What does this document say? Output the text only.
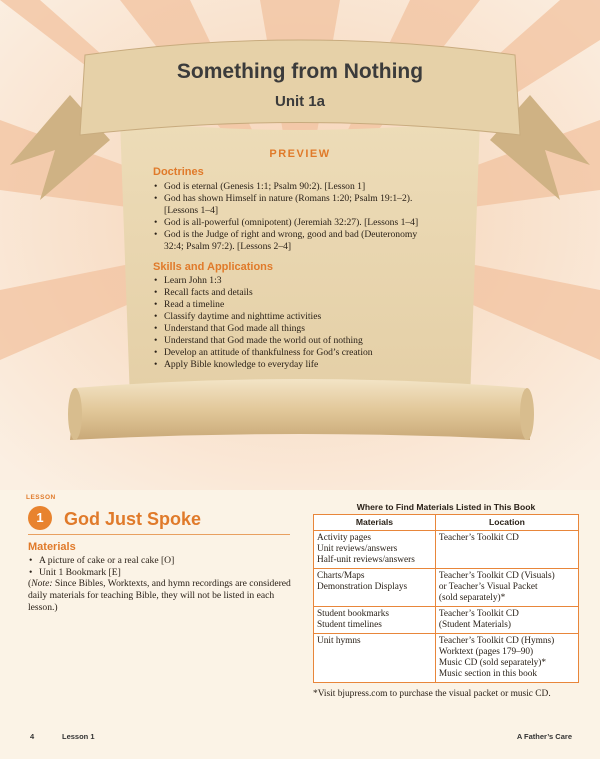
Something from Nothing
Unit 1a
PREVIEW
Doctrines
• God is eternal (Genesis 1:1; Psalm 90:2). [Lesson 1]
• God has shown Himself in nature (Romans 1:20; Psalm 19:1–2).
[Lessons 1–4]
• God is all-powerful (omnipotent) (Jeremiah 32:27). [Lessons 1–4]
• God is the Judge of right and wrong, good and bad (Deuteronomy
32:4; Psalm 97:2). [Lessons 2–4]
Skills and Applications
• Learn John 1:3
• Recall facts and details
• Read a timeline
• Classify daytime and nighttime activities
• Understand that God made all things
• Understand that God made the world out of nothing
• Develop an attitude of thankfulness for God’s creation
• Apply Bible knowledge to everyday life
LESSON
1	God Just Spoke
Materials
• A picture of cake or a real cake [O]
• Unit 1 Bookmark [E]
(Note: Since Bibles, Worktexts, and hymn recordings are considered daily materials for teaching Bible, they will not be listed in each lesson.)
Where to Find Materials Listed in This Book
Materials	Location

Activity pages
Unit reviews/answers
Half-unit reviews/answers	Teacher’s Toolkit CD

Charts/Maps
Demonstration Displays	Teacher’s Toolkit CD (Visuals)
or Teacher’s Visual Packet
(sold separately)*

Student bookmarks
Student timelines	Teacher’s Toolkit CD
(Student Materials)

Unit hymns	Teacher’s Toolkit CD (Hymns)
Worktext (pages 179–90)
Music CD (sold separately)*
Music section in this book
*Visit bjupress.com to purchase the visual packet or music CD.
4	Lesson 1	A Father’s Care
